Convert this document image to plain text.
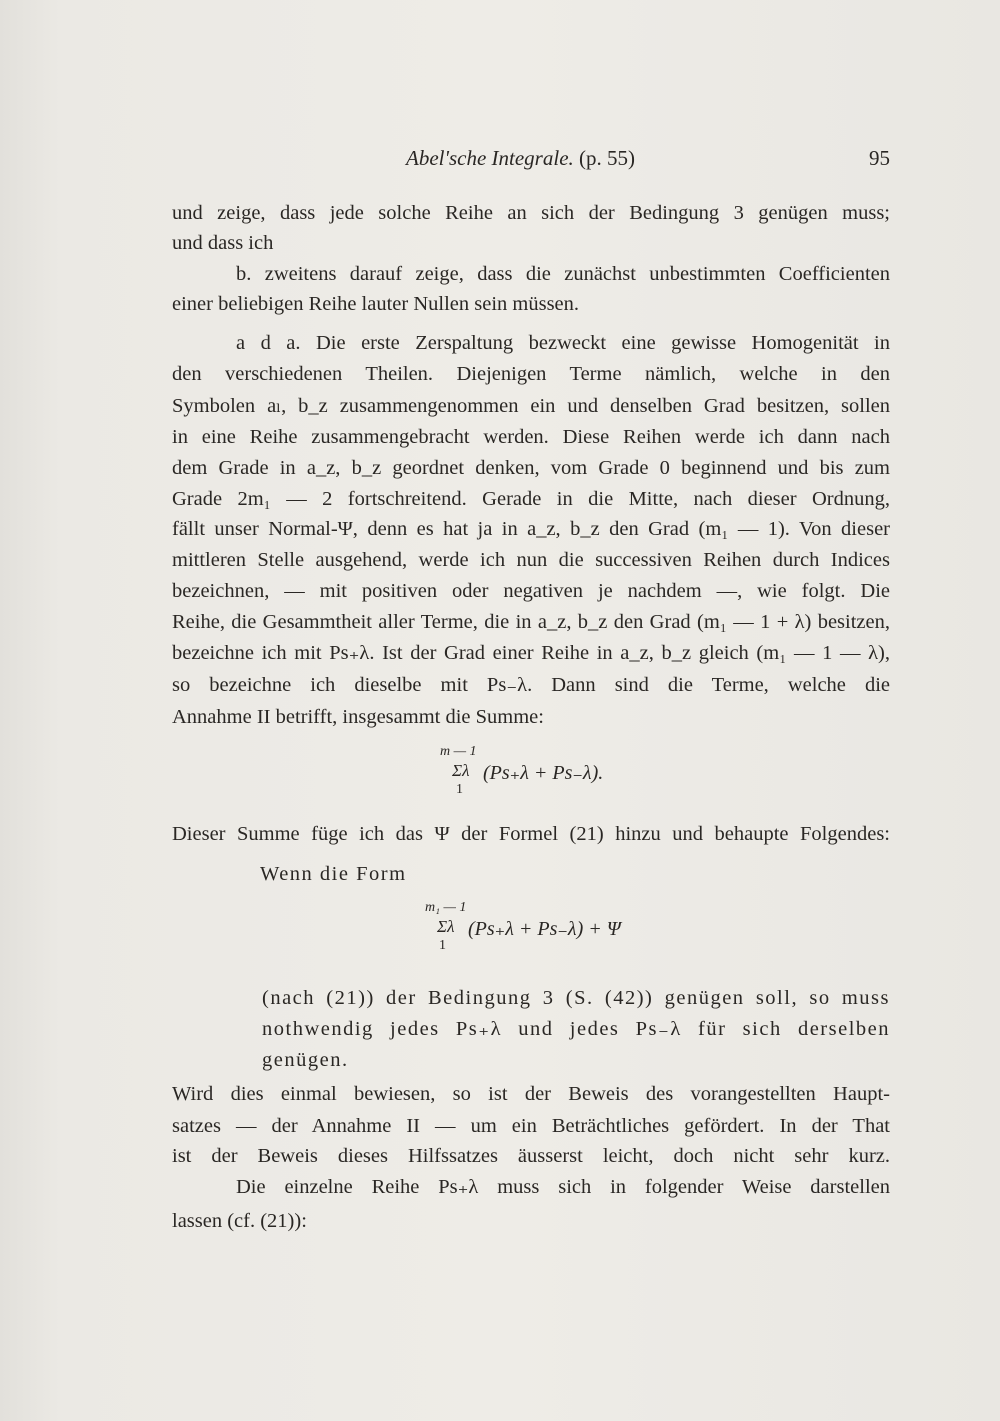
Abel'sche Integrale. (p. 55)	95
und zeige, dass jede solche Reihe an sich der Bedingung 3 genügen muss;
und dass ich
b. zweitens darauf zeige, dass die zunächst unbestimmten Coefficienten
einer beliebigen Reihe lauter Nullen sein müssen.
a d a. Die erste Zerspaltung bezweckt eine gewisse Homogenität in
den verschiedenen Theilen. Diejenigen Terme nämlich, welche in den
Symbolen aₗ, b_z zusammengenommen ein und denselben Grad besitzen, sollen
in eine Reihe zusammengebracht werden. Diese Reihen werde ich dann nach
dem Grade in a_z, b_z geordnet denken, vom Grade 0 beginnend und bis zum
Grade 2m₁ — 2 fortschreitend. Gerade in die Mitte, nach dieser Ordnung,
fällt unser Normal-Ψ, denn es hat ja in a_z, b_z den Grad (m₁ — 1). Von dieser
mittleren Stelle ausgehend, werde ich nun die successiven Reihen durch Indices
bezeichnen, — mit positiven oder negativen je nachdem —, wie folgt. Die
Reihe, die Gesammtheit aller Terme, die in a_z, b_z den Grad (m₁ — 1 + λ) besitzen,
bezeichne ich mit Ps₊λ. Ist der Grad einer Reihe in a_z, b_z gleich (m₁ — 1 — λ),
so bezeichne ich dieselbe mit Ps₋λ. Dann sind die Terme, welche die
Annahme II betrifft, insgesammt die Summe:
m — 1
Σλ
1
(Ps₊λ + Ps₋λ).
Dieser Summe füge ich das Ψ der Formel (21) hinzu und behaupte Folgendes:
Wenn die Form
m₁ — 1
Σλ
1
(Ps₊λ + Ps₋λ) + Ψ
(nach (21)) der Bedingung 3 (S. (42)) genügen soll, so muss
nothwendig jedes Ps₊λ und jedes Ps₋λ für sich derselben
genügen.
Wird dies einmal bewiesen, so ist der Beweis des vorangestellten Haupt-
satzes — der Annahme II — um ein Beträchtliches gefördert. In der That
ist der Beweis dieses Hilfssatzes äusserst leicht, doch nicht sehr kurz.
Die einzelne Reihe Ps₊λ muss sich in folgender Weise darstellen
lassen (cf. (21)):
